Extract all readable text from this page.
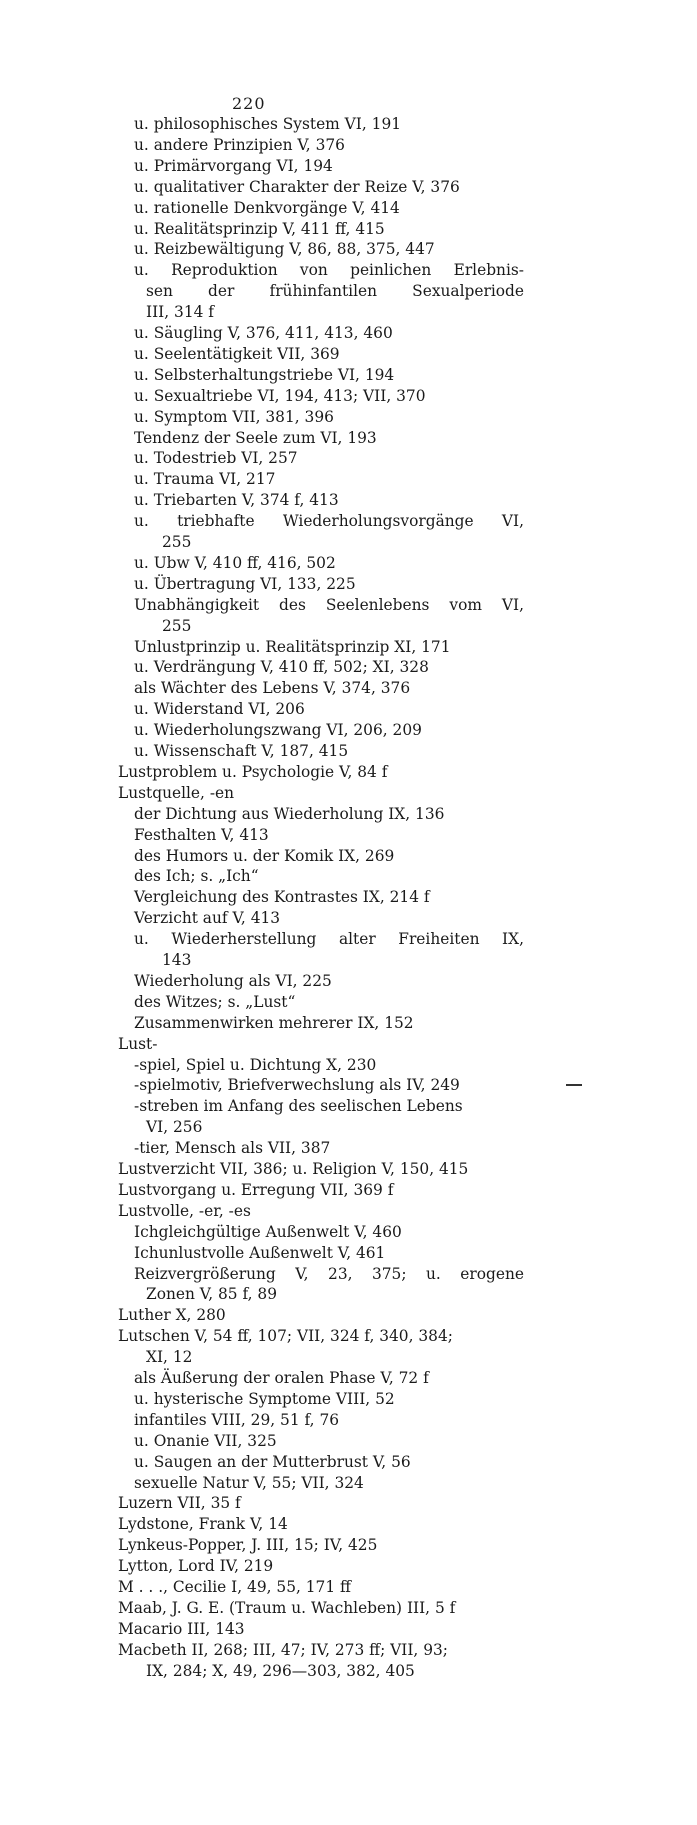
220
u. philosophisches System VI, 191
u. andere Prinzipien V, 376
u. Primärvorgang VI, 194
u. qualitativer Charakter der Reize V, 376
u. rationelle Denkvorgänge V, 414
u. Realitätsprinzip V, 411 ff, 415
u. Reizbewältigung V, 86, 88, 375, 447
u. Reproduktion von peinlichen Erlebnis-
sen der frühinfantilen Sexualperiode
III, 314 f
u. Säugling V, 376, 411, 413, 460
u. Seelentätigkeit VII, 369
u. Selbsterhaltungstriebe VI, 194
u. Sexualtriebe VI, 194, 413; VII, 370
u. Symptom VII, 381, 396
Tendenz der Seele zum VI, 193
u. Todestrieb VI, 257
u. Trauma VI, 217
u. Triebarten V, 374 f, 413
u. triebhafte Wiederholungsvorgänge VI,
255
u. Ubw V, 410 ff, 416, 502
u. Übertragung VI, 133, 225
Unabhängigkeit des Seelenlebens vom VI,
255
Unlustprinzip u. Realitätsprinzip XI, 171
u. Verdrängung V, 410 ff, 502; XI, 328
als Wächter des Lebens V, 374, 376
u. Widerstand VI, 206
u. Wiederholungszwang VI, 206, 209
u. Wissenschaft V, 187, 415
Lustproblem u. Psychologie V, 84 f
Lustquelle, -en
der Dichtung aus Wiederholung IX, 136
Festhalten V, 413
des Humors u. der Komik IX, 269
des Ich; s. „Ich“
Vergleichung des Kontrastes IX, 214 f
Verzicht auf V, 413
u. Wiederherstellung alter Freiheiten IX,
143
Wiederholung als VI, 225
des Witzes; s. „Lust“
Zusammenwirken mehrerer IX, 152
Lust-
-spiel, Spiel u. Dichtung X, 230
-spielmotiv, Briefverwechslung als IV, 249
-streben im Anfang des seelischen Lebens
VI, 256
-tier, Mensch als VII, 387
Lustverzicht VII, 386; u. Religion V, 150, 415
Lustvorgang u. Erregung VII, 369 f
Lustvolle, -er, -es
Ichgleichgültige Außenwelt V, 460
Ichunlustvolle Außenwelt V, 461
Reizvergrößerung V, 23, 375; u. erogene
Zonen V, 85 f, 89
Luther X, 280
Lutschen V, 54 ff, 107; VII, 324 f, 340, 384;
XI, 12
als Äußerung der oralen Phase V, 72 f
u. hysterische Symptome VIII, 52
infantiles VIII, 29, 51 f, 76
u. Onanie VII, 325
u. Saugen an der Mutterbrust V, 56
sexuelle Natur V, 55; VII, 324
Luzern VII, 35 f
Lydstone, Frank V, 14
Lynkeus-Popper, J. III, 15; IV, 425
Lytton, Lord IV, 219
M . . ., Cecilie I, 49, 55, 171 ff
Maab, J. G. E. (Traum u. Wachleben) III, 5 f
Macario III, 143
Macbeth II, 268; III, 47; IV, 273 ff; VII, 93;
IX, 284; X, 49, 296—303, 382, 405
